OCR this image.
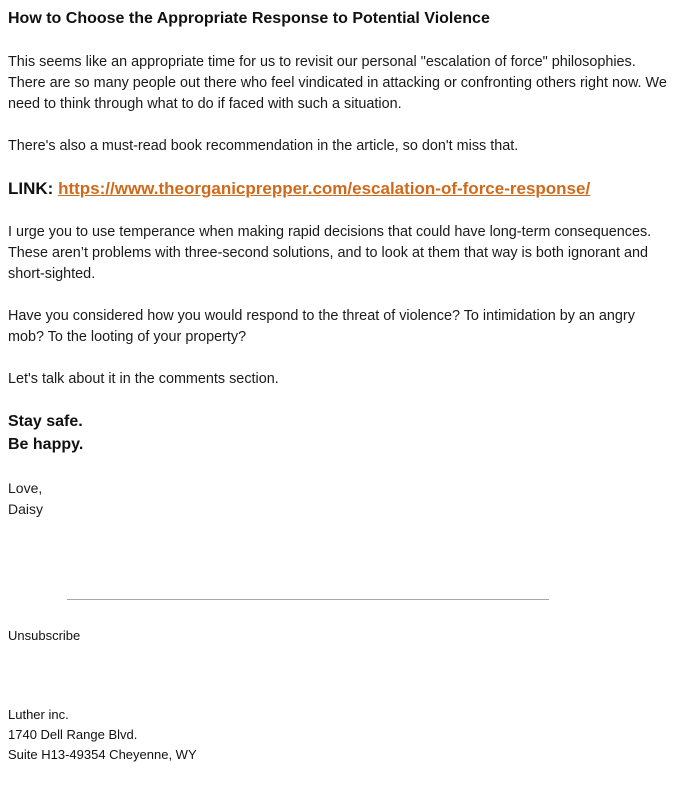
How to Choose the Appropriate Response to Potential Violence

This seems like an appropriate time for us to revisit our personal "escalation of force" philosophies.
There are so many people out there who feel vindicated in attacking or confronting others right now. We
need to think through what to do if faced with such a situation.

There's also a must-read book recommendation in the article, so don't miss that.

LINK: https://www.theorganicprepper.com/escalation-of-force-response/

I urge you to use temperance when making rapid decisions that could have long-term consequences.
These aren’t problems with three-second solutions, and to look at them that way is both ignorant and
short-sighted.

Have you considered how you would respond to the threat of violence? To intimidation by an angry
mob? To the looting of your property?

Let's talk about it in the comments section.

Stay safe.
Be happy.

Love,
Daisy

Unsubscribe

Luther inc.
1740 Dell Range Blvd.
Suite H13-49354 Cheyenne, WY
